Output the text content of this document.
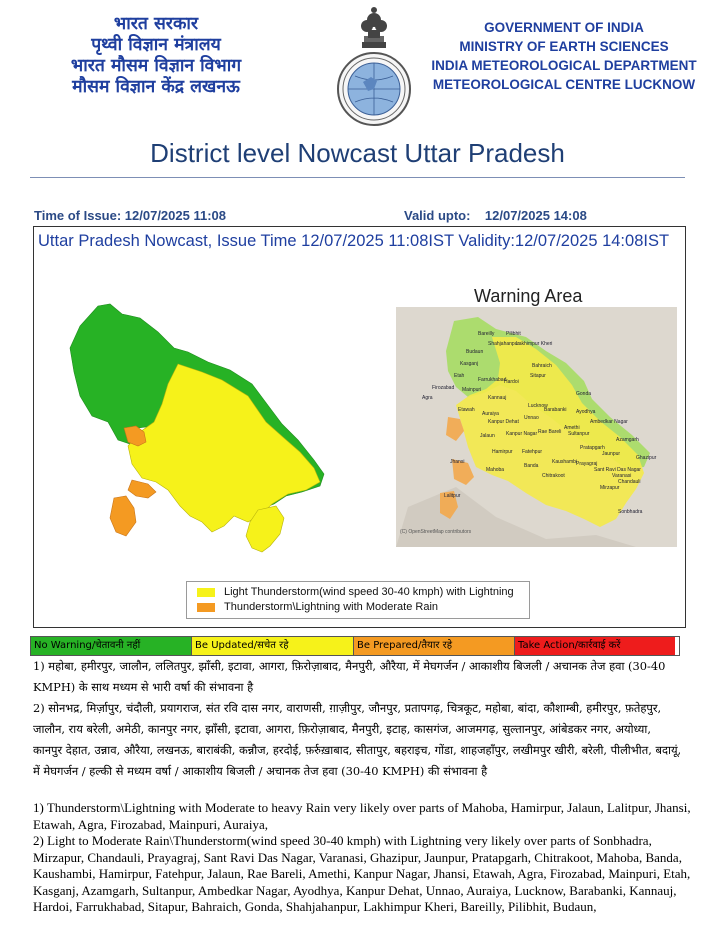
भारत सरकार
पृथ्वी विज्ञान मंत्रालय
भारत मौसम विज्ञान विभाग
मौसम विज्ञान केंद्र लखनऊ
GOVERNMENT OF INDIA
MINISTRY OF EARTH SCIENCES
INDIA METEOROLOGICAL DEPARTMENT
METEOROLOGICAL CENTRE LUCKNOW
District level Nowcast Uttar Pradesh
Time of Issue: 12/07/2025 11:08	Valid upto:    12/07/2025 14:08
Uttar Pradesh Nowcast, Issue Time 12/07/2025 11:08IST Validity:12/07/2025 14:08IST
Warning Area
Bareilly Pilibhit
Shahjahanpur
Lakhimpur Kheri
Budaun
Bahraich
Kasganj
Hardoi
Sitapur
Farrukhabad
Etah
Firozabad Mainpuri
Kannauj
Gonda
Agra
Etawah
Lucknow
Barabanki Ayodhya
Auraiya
Unnao
Ambedkar Nagar
Kanpur Dehat
Rae Bareli
Amethi
Sultanpur
Jalaun Kanpur Nagar
Azamgarh
Jhansi
Hamirpur Fatehpur
Pratapgarh
Jaunpur
Ghazipur
Mahoba
Banda
Kaushambi
Prayagraj
Sant Ravi Das Nagar
Varanasi
Chitrakoot
Chandauli
Lalitpur
Mirzapur
Sonbhadra
(C) OpenStreetMap contributors
Light Thunderstorm(wind speed 30-40 kmph) with Lightning
Thunderstorm\Lightning with Moderate Rain
No Warning/चेतावनी नहीं	Be Updated/सचेत रहे	Be Prepared/तैयार रहे	Take Action/कार्रवाई करें
1) महोबा, हमीरपुर, जालौन, ललितपुर, झाँसी, इटावा, आगरा, फ़िरोज़ाबाद, मैनपुरी, औरैया, में मेघगर्जन / आकाशीय बिजली / अचानक तेज हवा (30-40 KMPH) के साथ मध्यम से भारी वर्षा की संभावना है
2) सोनभद्र, मिर्ज़ापुर, चंदौली, प्रयागराज, संत रवि दास नगर, वाराणसी, ग़ाज़ीपुर, जौनपुर, प्रतापगढ़, चित्रकूट, महोबा, बांदा, कौशाम्बी, हमीरपुर, फ़तेहपुर, जालौन, राय बरेली, अमेठी, कानपुर नगर, झाँसी, इटावा, आगरा, फ़िरोज़ाबाद, मैनपुरी, इटाह, कासगंज, आजमगढ़, सुल्तानपुर, आंबेडकर नगर, अयोध्या, कानपुर देहात, उन्नाव, औरैया, लखनऊ, बाराबंकी, कन्नौज, हरदोई, फ़र्रुख़ाबाद, सीतापुर, बहराइच, गोंडा, शाहजहाँपुर, लखीमपुर खीरी, बरेली, पीलीभीत, बदायूं, में मेघगर्जन / हल्की से मध्यम वर्षा / आकाशीय बिजली / अचानक तेज हवा (30-40 KMPH) की संभावना है
1) Thunderstorm\Lightning with Moderate to heavy Rain very likely over parts of Mahoba, Hamirpur, Jalaun, Lalitpur, Jhansi, Etawah, Agra, Firozabad, Mainpuri, Auraiya,
2) Light to Moderate Rain\Thunderstorm(wind speed 30-40 kmph) with Lightning very likely over parts of Sonbhadra, Mirzapur, Chandauli, Prayagraj, Sant Ravi Das Nagar, Varanasi, Ghazipur, Jaunpur, Pratapgarh, Chitrakoot, Mahoba, Banda, Kaushambi, Hamirpur, Fatehpur, Jalaun, Rae Bareli, Amethi, Kanpur Nagar, Jhansi, Etawah, Agra, Firozabad, Mainpuri, Etah, Kasganj, Azamgarh, Sultanpur, Ambedkar Nagar, Ayodhya, Kanpur Dehat, Unnao, Auraiya, Lucknow, Barabanki, Kannauj, Hardoi, Farrukhabad, Sitapur, Bahraich, Gonda, Shahjahanpur, Lakhimpur Kheri, Bareilly, Pilibhit, Budaun,
